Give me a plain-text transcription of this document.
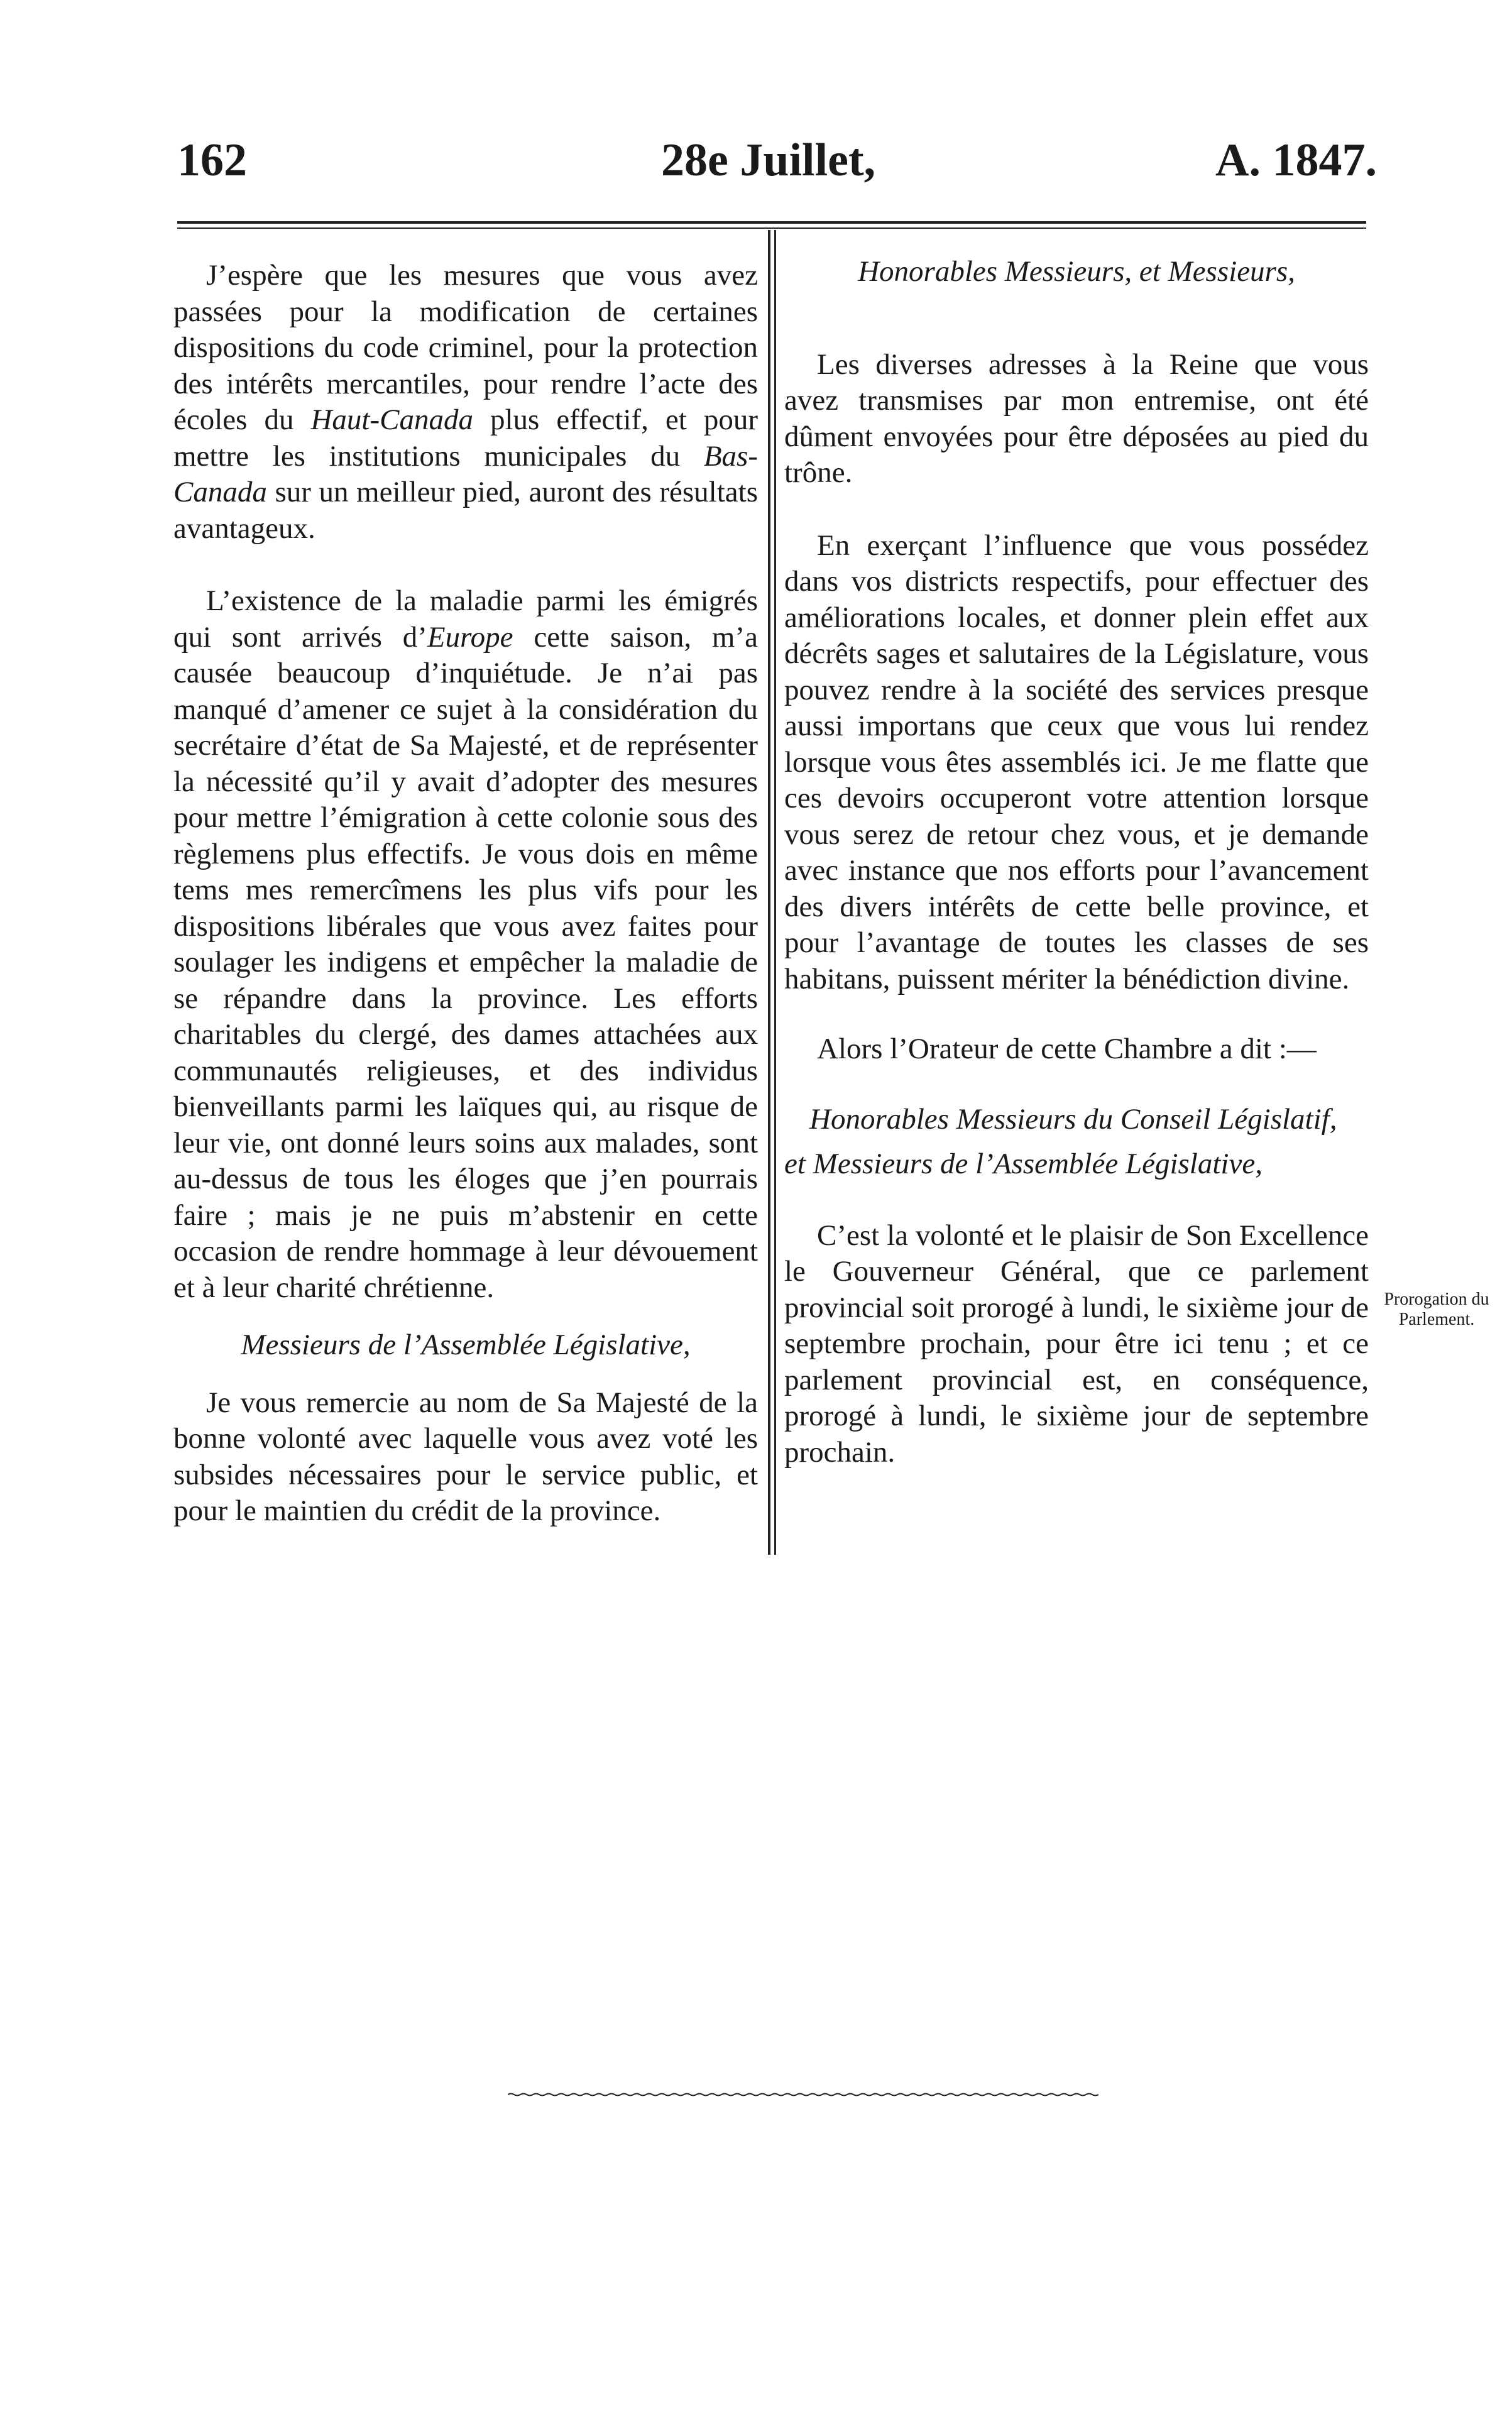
162	28e Juillet,	A. 1847.

J’espère que les mesures que vous avez passées pour la modification de certaines dispositions du code criminel, pour la protection des intérêts mercantiles, pour rendre l’acte des écoles du Haut-Canada plus effectif, et pour mettre les institutions municipales du Bas-Canada sur un meilleur pied, auront des résultats avantageux.

L’existence de la maladie parmi les émigrés qui sont arrivés d’Europe cette saison, m’a causée beaucoup d’inquiétude. Je n’ai pas manqué d’amener ce sujet à la considération du secrétaire d’état de Sa Majesté, et de représenter la nécessité qu’il y avait d’adopter des mesures pour mettre l’émigration à cette colonie sous des règlemens plus effectifs. Je vous dois en même tems mes remercîmens les plus vifs pour les dispositions libérales que vous avez faites pour soulager les indigens et empêcher la maladie de se répandre dans la province. Les efforts charitables du clergé, des dames attachées aux communautés religieuses, et des individus bienveillants parmi les laïques qui, au risque de leur vie, ont donné leurs soins aux malades, sont au-dessus de tous les éloges que j’en pourrais faire ; mais je ne puis m’abstenir en cette occasion de rendre hommage à leur dévouement et à leur charité chrétienne.

Messieurs de l’Assemblée Législative,

Je vous remercie au nom de Sa Majesté de la bonne volonté avec laquelle vous avez voté les subsides nécessaires pour le service public, et pour le maintien du crédit de la province.

Honorables Messieurs, et Messieurs,

Les diverses adresses à la Reine que vous avez transmises par mon entremise, ont été dûment envoyées pour être déposées au pied du trône.

En exerçant l’influence que vous possédez dans vos districts respectifs, pour effectuer des améliorations locales, et donner plein effet aux décrêts sages et salutaires de la Législature, vous pouvez rendre à la société des services presque aussi importans que ceux que vous lui rendez lorsque vous êtes assemblés ici. Je me flatte que ces devoirs occuperont votre attention lorsque vous serez de retour chez vous, et je demande avec instance que nos efforts pour l’avancement des divers intérêts de cette belle province, et pour l’avantage de toutes les classes de ses habitans, puissent mériter la bénédiction divine.

Alors l’Orateur de cette Chambre a dit :—

Honorables Messieurs du Conseil Législatif,

et Messieurs de l’Assemblée Législative,

C’est la volonté et le plaisir de Son Excellence le Gouverneur Général, que ce parlement provincial soit prorogé à lundi, le sixième jour de septembre prochain, pour être ici tenu ; et ce parlement provincial est, en conséquence, prorogé à lundi, le sixième jour de septembre prochain.

Prorogation du
Parlement.
